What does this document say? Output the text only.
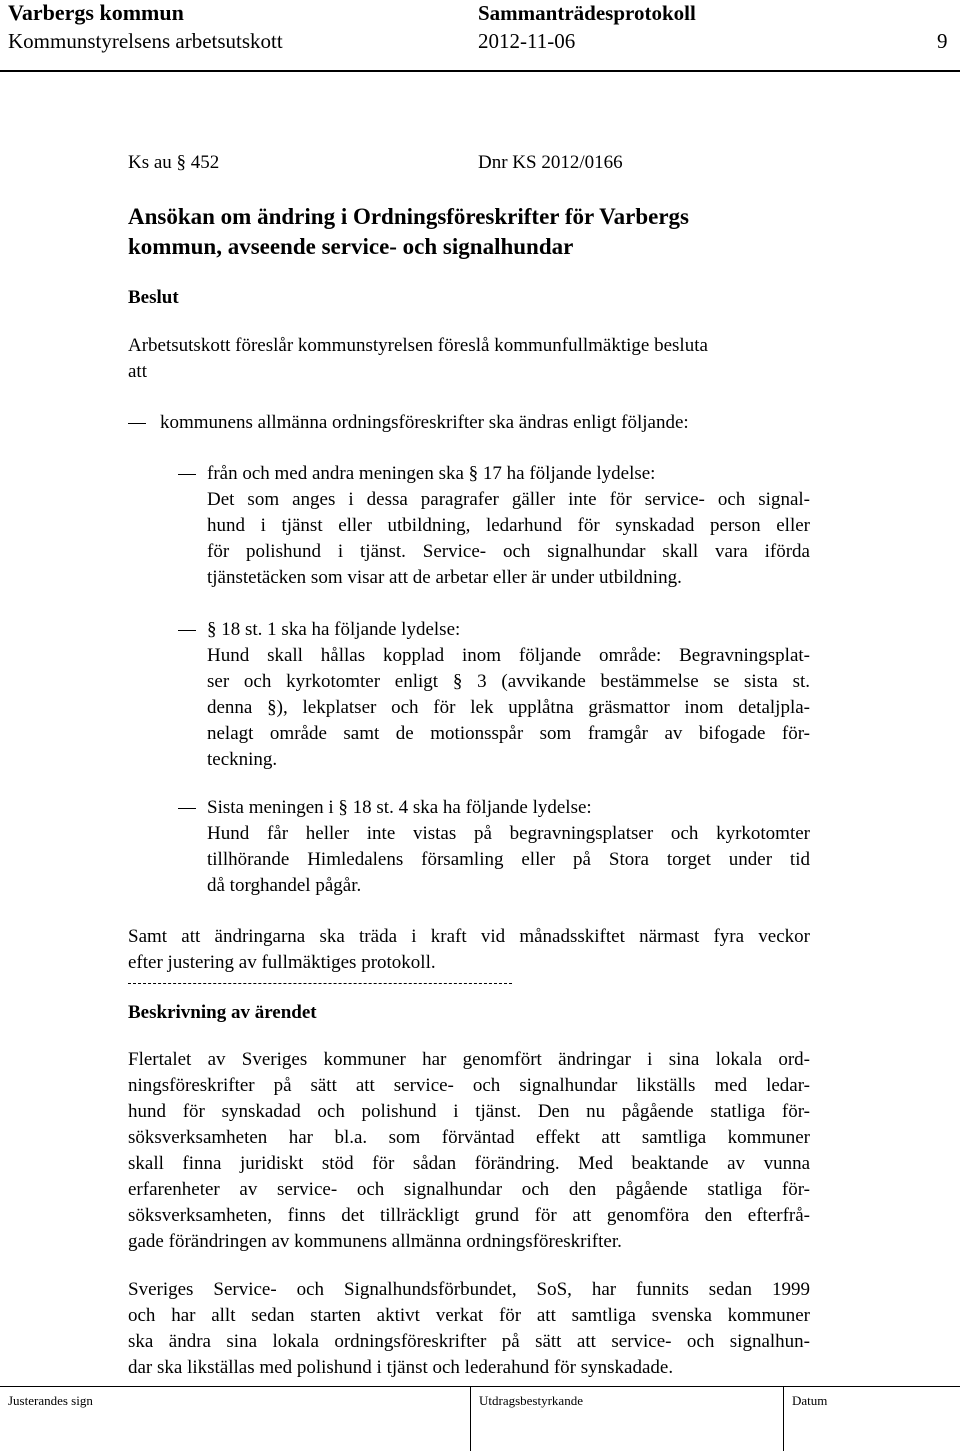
Varbergs kommun
Kommunstyrelsens arbetsutskott
Sammanträdesprotokoll
2012-11-06	9
Ks au § 452	Dnr KS 2012/0166
Ansökan om ändring i Ordningsföreskrifter för Varbergs
kommun, avseende service- och signalhundar
Beslut
Arbetsutskott föreslår kommunstyrelsen föreslå kommunfullmäktige besluta
att
kommunens allmänna ordningsföreskrifter ska ändras enligt följande:
från och med andra meningen ska § 17 ha följande lydelse:
Det som anges i dessa paragrafer gäller inte för service- och signal-
hund i tjänst eller utbildning, ledarhund för synskadad person eller
för polishund i tjänst. Service- och signalhundar skall vara iförda
tjänstetäcken som visar att de arbetar eller är under utbildning.
§ 18 st. 1 ska ha följande lydelse:
Hund skall hållas kopplad inom följande område: Begravningsplat-
ser och kyrkotomter enligt § 3 (avvikande bestämmelse se sista st.
denna §), lekplatser och för lek upplåtna gräsmattor inom detaljpla-
nelagt område samt de motionsspår som framgår av bifogade för-
teckning.
Sista meningen i § 18 st. 4 ska ha följande lydelse:
Hund får heller inte vistas på begravningsplatser och kyrkotomter
tillhörande Himledalens församling eller på Stora torget under tid
då torghandel pågår.
Samt att ändringarna ska träda i kraft vid månadsskiftet närmast fyra veckor
efter justering av fullmäktiges protokoll.
Beskrivning av ärendet
Flertalet av Sveriges kommuner har genomfört ändringar i sina lokala ord-
ningsföreskrifter på sätt att service- och signalhundar likställs med ledar-
hund för synskadad och polishund i tjänst. Den nu pågående statliga för-
söksverksamheten har bl.a. som förväntad effekt att samtliga kommuner
skall finna juridiskt stöd för sådan förändring. Med beaktande av vunna
erfarenheter av service- och signalhundar och den pågående statliga för-
söksverksamheten, finns det tillräckligt grund för att genomföra den efterfrå-
gade förändringen av kommunens allmänna ordningsföreskrifter.
Sveriges Service- och Signalhundsförbundet, SoS, har funnits sedan 1999
och har allt sedan starten aktivt verkat för att samtliga svenska kommuner
ska ändra sina lokala ordningsföreskrifter på sätt att service- och signalhun-
dar ska likställas med polishund i tjänst och lederahund för synskadade.
Justerandes sign	Utdragsbestyrkande	Datum
